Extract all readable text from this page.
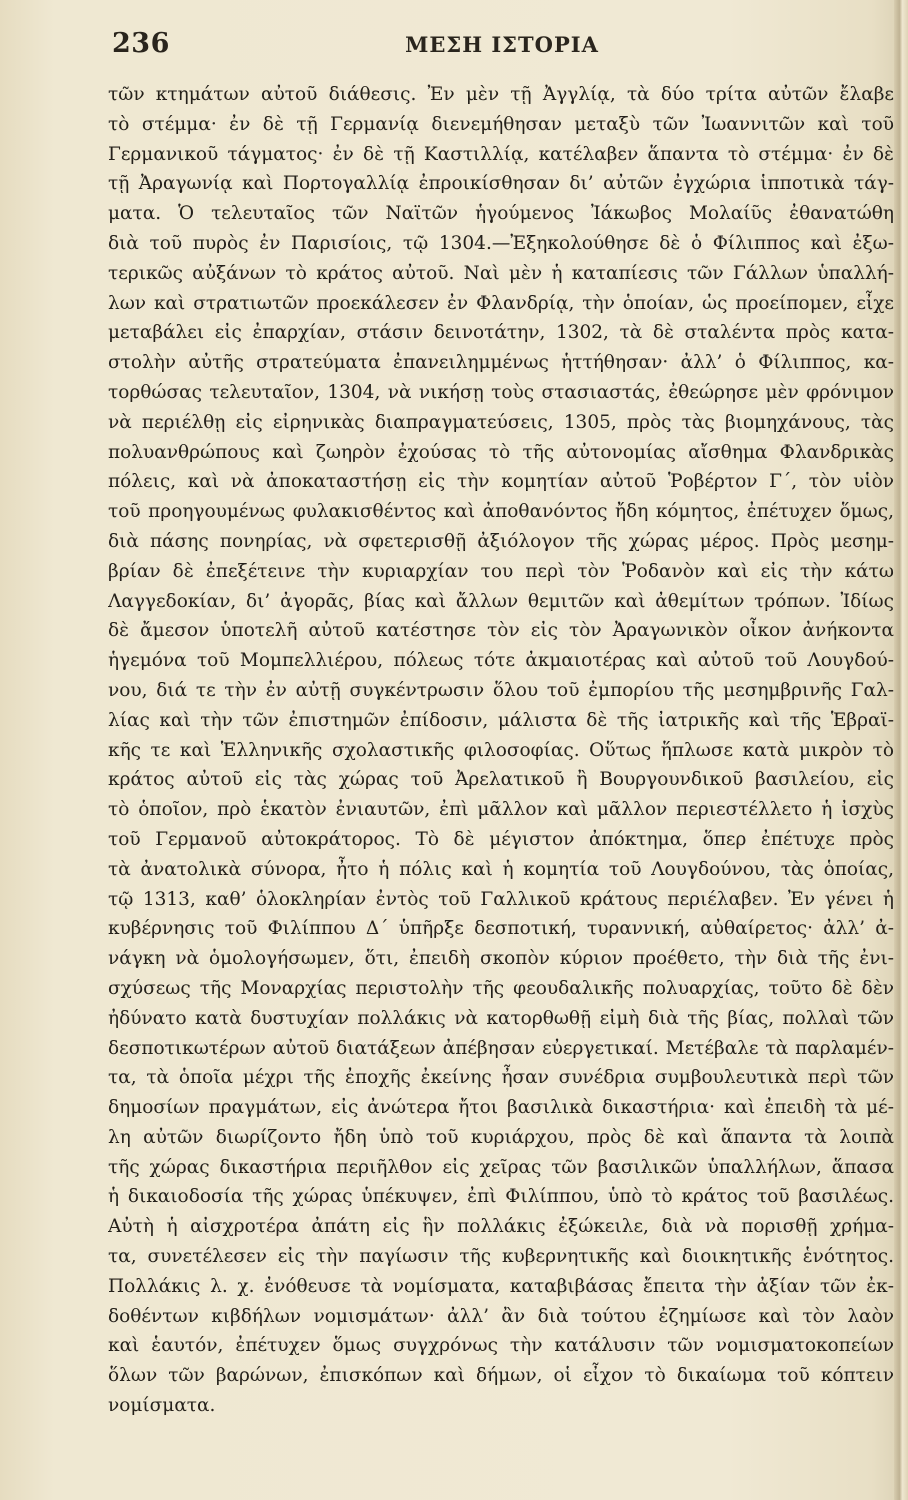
236	ΜΕΣΗ ΙΣΤΟΡΙΑ
τῶν κτημάτων αὐτοῦ διάθεσις. Ἐν μὲν τῇ Ἀγγλίᾳ, τὰ δύο τρίτα αὐτῶν ἔλαβε
τὸ στέμμα· ἐν δὲ τῇ Γερμανίᾳ διενεμήθησαν μεταξὺ τῶν Ἰωαννιτῶν καὶ τοῦ
Γερμανικοῦ τάγματος· ἐν δὲ τῇ Καστιλλίᾳ, κατέλαβεν ἅπαντα τὸ στέμμα· ἐν δὲ
τῇ Ἀραγωνίᾳ καὶ Πορτογαλλίᾳ ἐπροικίσθησαν δι’ αὐτῶν ἐγχώρια ἱπποτικὰ τάγ-
ματα. Ὁ τελευταῖος τῶν Ναϊτῶν ἡγούμενος Ἰάκωβος Μολαίῦς ἐθανατώθη
διὰ τοῦ πυρὸς ἐν Παρισίοις, τῷ 1304.—Ἐξηκολούθησε δὲ ὁ Φίλιππος καὶ ἐξω-
τερικῶς αὐξάνων τὸ κράτος αὐτοῦ. Ναὶ μὲν ἡ καταπίεσις τῶν Γάλλων ὑπαλλή-
λων καὶ στρατιωτῶν προεκάλεσεν ἐν Φλανδρίᾳ, τὴν ὁποίαν, ὡς προείπομεν, εἶχε
μεταβάλει εἰς ἐπαρχίαν, στάσιν δεινοτάτην, 1302, τὰ δὲ σταλέντα πρὸς κατα-
στολὴν αὐτῆς στρατεύματα ἐπανειλημμένως ἡττήθησαν· ἀλλ’ ὁ Φίλιππος, κα-
τορθώσας τελευταῖον, 1304, νὰ νικήσῃ τοὺς στασιαστάς, ἐθεώρησε μὲν φρόνιμον
νὰ περιέλθῃ εἰς εἰρηνικὰς διαπραγματεύσεις, 1305, πρὸς τὰς βιομηχάνους, τὰς
πολυανθρώπους καὶ ζωηρὸν ἐχούσας τὸ τῆς αὐτονομίας αἴσθημα Φλανδρικὰς
πόλεις, καὶ νὰ ἀποκαταστήσῃ εἰς τὴν κομητίαν αὐτοῦ Ῥοβέρτον Γ΄, τὸν υἱὸν
τοῦ προηγουμένως φυλακισθέντος καὶ ἀποθανόντος ἤδη κόμητος, ἐπέτυχεν ὅμως,
διὰ πάσης πονηρίας, νὰ σφετερισθῇ ἀξιόλογον τῆς χώρας μέρος. Πρὸς μεσημ-
βρίαν δὲ ἐπεξέτεινε τὴν κυριαρχίαν του περὶ τὸν Ῥοδανὸν καὶ εἰς τὴν κάτω
Λαγγεδοκίαν, δι’ ἀγορᾶς, βίας καὶ ἄλλων θεμιτῶν καὶ ἀθεμίτων τρόπων. Ἰδίως
δὲ ἄμεσον ὑποτελῆ αὐτοῦ κατέστησε τὸν εἰς τὸν Ἀραγωνικὸν οἶκον ἀνήκοντα
ἡγεμόνα τοῦ Μομπελλιέρου, πόλεως τότε ἀκμαιοτέρας καὶ αὐτοῦ τοῦ Λουγδού-
νου, διά τε τὴν ἐν αὐτῇ συγκέντρωσιν ὅλου τοῦ ἐμπορίου τῆς μεσημβρινῆς Γαλ-
λίας καὶ τὴν τῶν ἐπιστημῶν ἐπίδοσιν, μάλιστα δὲ τῆς ἰατρικῆς καὶ τῆς Ἑβραϊ-
κῆς τε καὶ Ἑλληνικῆς σχολαστικῆς φιλοσοφίας. Οὕτως ἥπλωσε κατὰ μικρὸν τὸ
κράτος αὐτοῦ εἰς τὰς χώρας τοῦ Ἀρελατικοῦ ἢ Βουργουνδικοῦ βασιλείου, εἰς
τὸ ὁποῖον, πρὸ ἑκατὸν ἐνιαυτῶν, ἐπὶ μᾶλλον καὶ μᾶλλον περιεστέλλετο ἡ ἰσχὺς
τοῦ Γερμανοῦ αὐτοκράτορος. Τὸ δὲ μέγιστον ἀπόκτημα, ὅπερ ἐπέτυχε πρὸς
τὰ ἀνατολικὰ σύνορα, ἦτο ἡ πόλις καὶ ἡ κομητία τοῦ Λουγδούνου, τὰς ὁποίας,
τῷ 1313, καθ’ ὁλοκληρίαν ἐντὸς τοῦ Γαλλικοῦ κράτους περιέλαβεν. Ἐν γένει ἡ
κυβέρνησις τοῦ Φιλίππου Δ΄ ὑπῆρξε δεσποτική, τυραννική, αὐθαίρετος· ἀλλ’ ἀ-
νάγκη νὰ ὁμολογήσωμεν, ὅτι, ἐπειδὴ σκοπὸν κύριον προέθετο, τὴν διὰ τῆς ἐνι-
σχύσεως τῆς Μοναρχίας περιστολὴν τῆς φεουδαλικῆς πολυαρχίας, τοῦτο δὲ δὲν
ἠδύνατο κατὰ δυστυχίαν πολλάκις νὰ κατορθωθῇ εἰμὴ διὰ τῆς βίας, πολλαὶ τῶν
δεσποτικωτέρων αὐτοῦ διατάξεων ἀπέβησαν εὐεργετικαί. Μετέβαλε τὰ παρλαμέν-
τα, τὰ ὁποῖα μέχρι τῆς ἐποχῆς ἐκείνης ἦσαν συνέδρια συμβουλευτικὰ περὶ τῶν
δημοσίων πραγμάτων, εἰς ἀνώτερα ἤτοι βασιλικὰ δικαστήρια· καὶ ἐπειδὴ τὰ μέ-
λη αὐτῶν διωρίζοντο ἤδη ὑπὸ τοῦ κυριάρχου, πρὸς δὲ καὶ ἅπαντα τὰ λοιπὰ
τῆς χώρας δικαστήρια περιῆλθον εἰς χεῖρας τῶν βασιλικῶν ὑπαλλήλων, ἅπασα
ἡ δικαιοδοσία τῆς χώρας ὑπέκυψεν, ἐπὶ Φιλίππου, ὑπὸ τὸ κράτος τοῦ βασιλέως.
Αὐτὴ ἡ αἰσχροτέρα ἀπάτη εἰς ἣν πολλάκις ἐξώκειλε, διὰ νὰ πορισθῇ χρήμα-
τα, συνετέλεσεν εἰς τὴν παγίωσιν τῆς κυβερνητικῆς καὶ διοικητικῆς ἑνότητος.
Πολλάκις λ. χ. ἐνόθευσε τὰ νομίσματα, καταβιβάσας ἔπειτα τὴν ἀξίαν τῶν ἐκ-
δοθέντων κιβδήλων νομισμάτων· ἀλλ’ ἂν διὰ τούτου ἐζημίωσε καὶ τὸν λαὸν
καὶ ἑαυτόν, ἐπέτυχεν ὅμως συγχρόνως τὴν κατάλυσιν τῶν νομισματοκοπείων
ὅλων τῶν βαρώνων, ἐπισκόπων καὶ δήμων, οἱ εἶχον τὸ δικαίωμα τοῦ κόπτειν
νομίσματα.
